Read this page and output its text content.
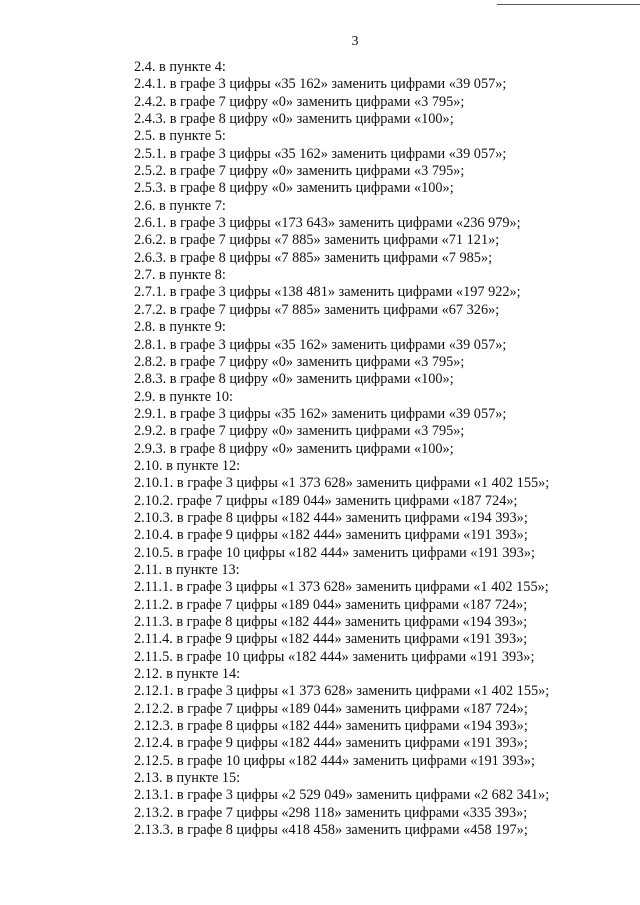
3
2.4. в пункте 4:
2.4.1. в графе 3 цифры «35 162» заменить цифрами «39 057»;
2.4.2. в графе 7 цифру «0» заменить цифрами «3 795»;
2.4.3. в графе 8 цифру «0» заменить цифрами «100»;
2.5. в пункте 5:
2.5.1. в графе 3 цифры «35 162» заменить цифрами «39 057»;
2.5.2. в графе 7 цифру «0» заменить цифрами «3 795»;
2.5.3. в графе 8 цифру «0» заменить цифрами «100»;
2.6. в пункте 7:
2.6.1. в графе 3 цифры «173 643» заменить цифрами «236 979»;
2.6.2. в графе 7 цифры «7 885» заменить цифрами «71 121»;
2.6.3. в графе 8 цифры «7 885» заменить цифрами «7 985»;
2.7. в пункте 8:
2.7.1. в графе 3 цифры «138 481» заменить цифрами «197 922»;
2.7.2. в графе 7 цифры «7 885» заменить цифрами «67 326»;
2.8. в пункте 9:
2.8.1. в графе 3 цифры «35 162» заменить цифрами «39 057»;
2.8.2. в графе 7 цифру «0» заменить цифрами «3 795»;
2.8.3. в графе 8 цифру «0» заменить цифрами «100»;
2.9. в пункте 10:
2.9.1. в графе 3 цифры «35 162» заменить цифрами «39 057»;
2.9.2. в графе 7 цифру «0» заменить цифрами «3 795»;
2.9.3. в графе 8 цифру «0» заменить цифрами «100»;
2.10. в пункте 12:
2.10.1. в графе 3 цифры «1 373 628» заменить цифрами «1 402 155»;
2.10.2. графе 7 цифры «189 044» заменить цифрами «187 724»;
2.10.3. в графе 8 цифры «182 444» заменить цифрами «194 393»;
2.10.4. в графе 9 цифры «182 444» заменить цифрами «191 393»;
2.10.5. в графе 10 цифры «182 444» заменить цифрами «191 393»;
2.11. в пункте 13:
2.11.1. в графе 3 цифры «1 373 628» заменить цифрами «1 402 155»;
2.11.2. в графе 7 цифры «189 044» заменить цифрами «187 724»;
2.11.3. в графе 8 цифры «182 444» заменить цифрами «194 393»;
2.11.4. в графе 9 цифры «182 444» заменить цифрами «191 393»;
2.11.5. в графе 10 цифры «182 444» заменить цифрами «191 393»;
2.12. в пункте 14:
2.12.1. в графе 3 цифры «1 373 628» заменить цифрами «1 402 155»;
2.12.2. в графе 7 цифры «189 044» заменить цифрами «187 724»;
2.12.3. в графе 8 цифры «182 444» заменить цифрами «194 393»;
2.12.4. в графе 9 цифры «182 444» заменить цифрами «191 393»;
2.12.5. в графе 10 цифры «182 444» заменить цифрами «191 393»;
2.13. в пункте 15:
2.13.1. в графе 3 цифры «2 529 049» заменить цифрами «2 682 341»;
2.13.2. в графе 7 цифры «298 118» заменить цифрами «335 393»;
2.13.3. в графе 8 цифры «418 458» заменить цифрами «458 197»;
